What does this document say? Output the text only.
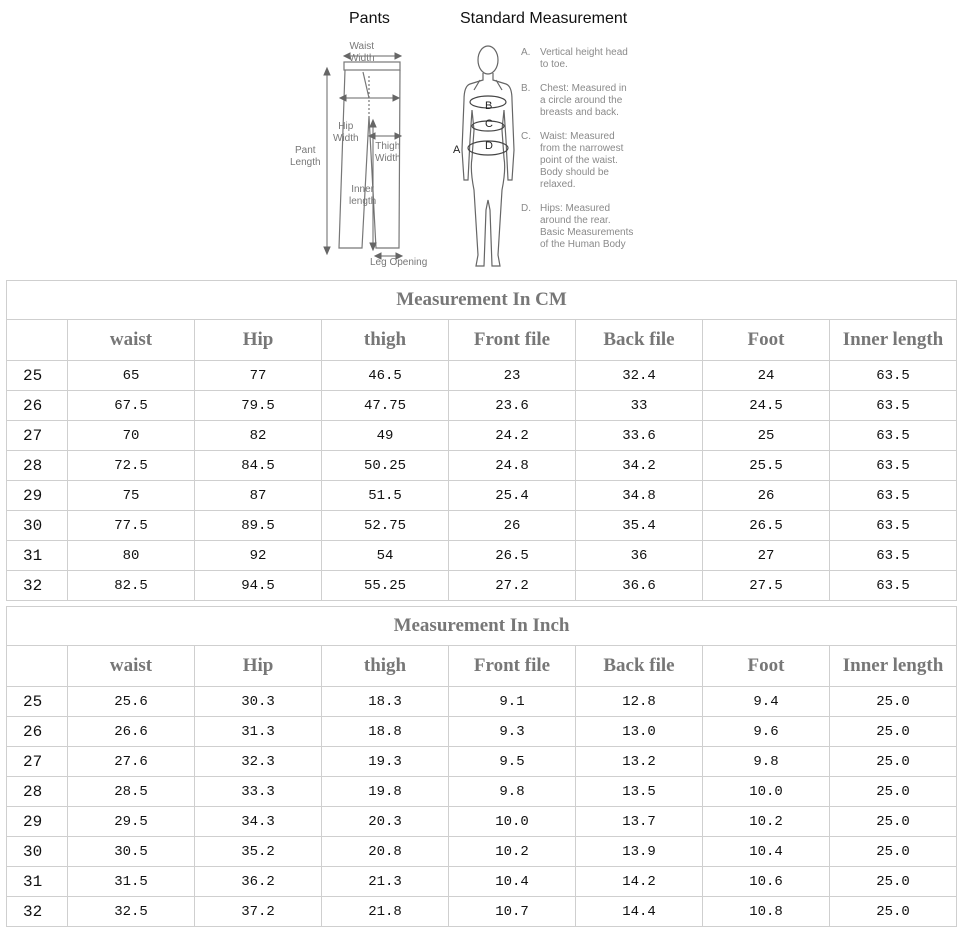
Pants	Standard Measurement
Waist
Width
Hip
Width
Thigh
Width
Pant
Length
Inner
length
Leg Opening
A
B
C
D
A. Vertical height head
to toe.
B. Chest: Measured in
a circle around the
breasts and back.
C. Waist: Measured
from the narrowest
point of the waist.
Body should be
relaxed.
D. Hips: Measured
around the rear.
Basic Measurements
of the Human Body
Measurement In CM							
	waist	Hip	thigh	Front file	Back file	Foot	Inner length
25	65	77	46.5	23	32.4	24	63.5
26	67.5	79.5	47.75	23.6	33	24.5	63.5
27	70	82	49	24.2	33.6	25	63.5
28	72.5	84.5	50.25	24.8	34.2	25.5	63.5
29	75	87	51.5	25.4	34.8	26	63.5
30	77.5	89.5	52.75	26	35.4	26.5	63.5
31	80	92	54	26.5	36	27	63.5
32	82.5	94.5	55.25	27.2	36.6	27.5	63.5
Measurement In Inch							
	waist	Hip	thigh	Front file	Back file	Foot	Inner length
25	25.6	30.3	18.3	9.1	12.8	9.4	25.0
26	26.6	31.3	18.8	9.3	13.0	9.6	25.0
27	27.6	32.3	19.3	9.5	13.2	9.8	25.0
28	28.5	33.3	19.8	9.8	13.5	10.0	25.0
29	29.5	34.3	20.3	10.0	13.7	10.2	25.0
30	30.5	35.2	20.8	10.2	13.9	10.4	25.0
31	31.5	36.2	21.3	10.4	14.2	10.6	25.0
32	32.5	37.2	21.8	10.7	14.4	10.8	25.0
